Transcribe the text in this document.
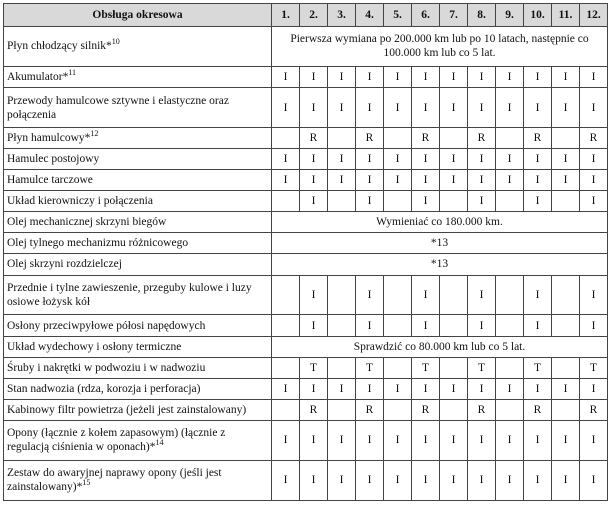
Obsługa okresowa	1.	2.	3.	4.	5.	6.	7.	8.	9.	10.	11.	12.
Płyn chłodzący silnik*$^{10}$	Pierwsza wymiana po 200.000 km lub po 10 latach, następnie co 100.000 km lub co 5 lat.											
Akumulator*$^{11}$	I	I	I	I	I	I	I	I	I	I	I	I
Przewody hamulcowe sztywne i elastyczne oraz połączenia	I	I	I	I	I	I	I	I	I	I	I	I
Płyn hamulcowy*$^{12}$		R		R		R		R		R		R
Hamulec postojowy	I	I	I	I	I	I	I	I	I	I	I	I
Hamulce tarczowe	I	I	I	I	I	I	I	I	I	I	I	I
Układ kierowniczy i połączenia		I		I		I		I		I		I
Olej mechanicznej skrzyni biegów	Wymieniać co 180.000 km.											
Olej tylnego mechanizmu różnicowego	*13											
Olej skrzyni rozdzielczej	*13											
Przednie i tylne zawieszenie, przeguby kulowe i luzy osiowe łożysk kół		I		I		I		I		I		I
Osłony przeciwpyłowe półosi napędowych		I		I		I		I		I		I
Układ wydechowy i osłony termiczne	Sprawdzić co 80.000 km lub co 5 lat.											
Śruby i nakrętki w podwoziu i w nadwoziu		T		T		T		T		T		T
Stan nadwozia (rdza, korozja i perforacja)	I	I	I	I	I	I	I	I	I	I	I	I
Kabinowy filtr powietrza (jeżeli jest zainstalowany)		R		R		R		R		R		R
Opony (łącznie z kołem zapasowym) (łącznie z regulacją ciśnienia w oponach)*$^{14}$	I	I	I	I	I	I	I	I	I	I	I	I
Zestaw do awaryjnej naprawy opony (jeśli jest zainstalowany)*$^{15}$	I	I	I	I	I	I	I	I	I	I	I	I
